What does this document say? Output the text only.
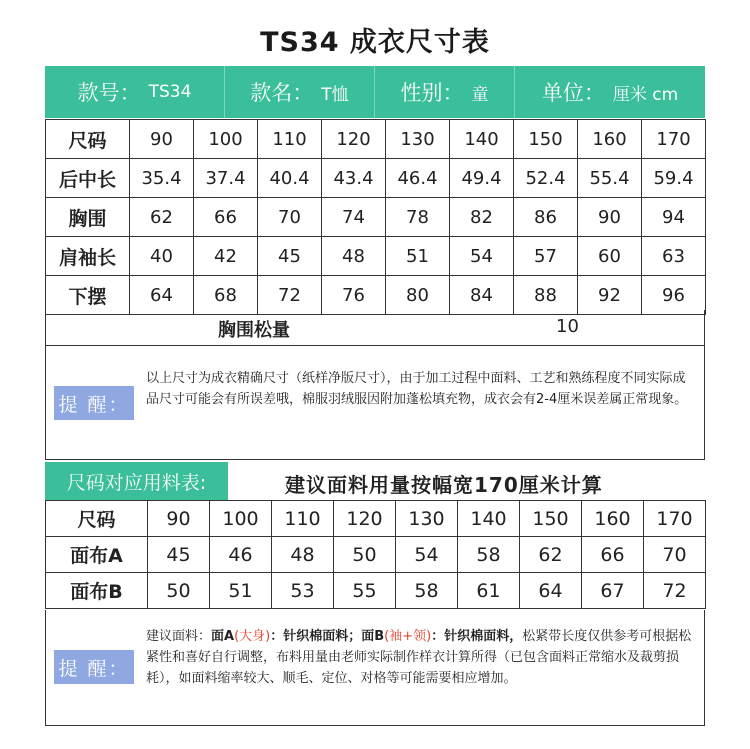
TS34 成衣尺寸表
款号： TS34	款名： T恤 性别： 童	单位： 厘米 cm
尺码	90	100	110	120	130	140	150	160	170
后中长	35.4	37.4	40.4	43.4	46.4	49.4	52.4	55.4	59.4
胸围	62	66	70	74	78	82	86	90	94
肩袖长	40	42	45	48	51	54	57	60	63
下摆	64	68	72	76	80	84	88	92	96
胸围松量	10
提 醒：
以上尺寸为成衣精确尺寸（纸样净版尺寸），由于加工过程中面料、工艺和熟练程度不同实际成品尺寸可能会有所误差哦，棉服羽绒服因附加蓬松填充物，成衣会有2-4厘米误差属正常现象。
尺码对应用料表:	建议面料用量按幅宽170厘米计算
尺码	90	100	110	120	130	140	150	160	170
面布A	45	46	48	50	54	58	62	66	70
面布B	50	51	53	55	58	61	64	67	72
提 醒：
建议面料：面A(大身)：针织棉面料；面B(袖+领)：针织棉面料，松紧带长度仅供参考可根据松紧性和喜好自行调整，布料用量由老师实际制作样衣计算所得（已包含面料正常缩水及裁剪损耗），如面料缩率较大、顺毛、定位、对格等可能需要相应增加。
